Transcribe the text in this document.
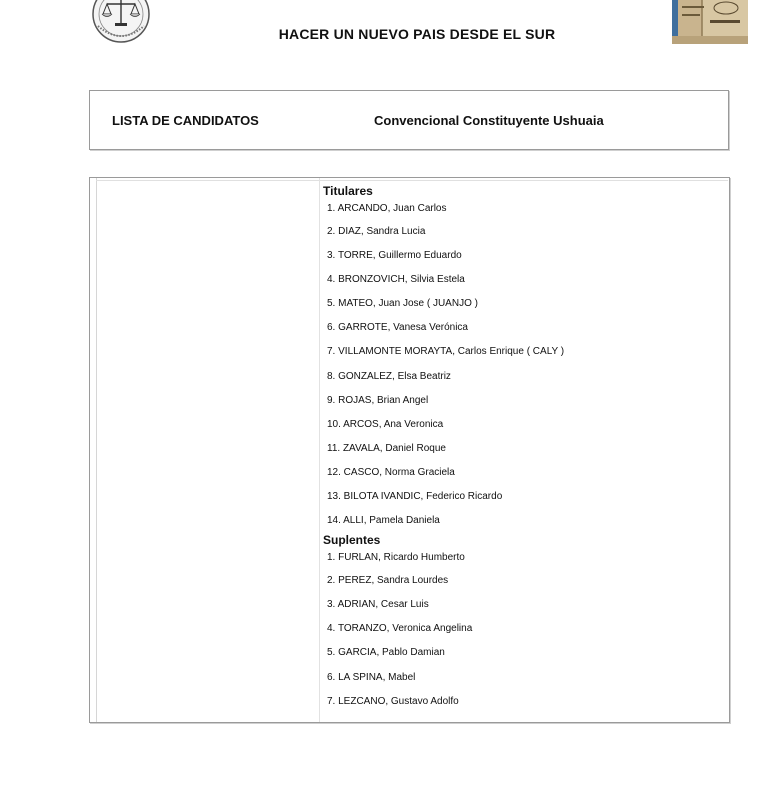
HACER UN NUEVO PAIS DESDE EL SUR
LISTA DE CANDIDATOS	Convencional Constituyente Ushuaia
Titulares
1. ARCANDO, Juan Carlos
2. DIAZ, Sandra Lucia
3. TORRE, Guillermo Eduardo
4. BRONZOVICH, Silvia Estela
5. MATEO, Juan Jose ( JUANJO )
6. GARROTE, Vanesa Verónica
7. VILLAMONTE MORAYTA, Carlos Enrique ( CALY )
8. GONZALEZ, Elsa Beatriz
9. ROJAS, Brian Angel
10. ARCOS, Ana Veronica
11. ZAVALA, Daniel Roque
12. CASCO, Norma Graciela
13. BILOTA IVANDIC, Federico Ricardo
14. ALLI, Pamela Daniela
Suplentes
1. FURLAN, Ricardo Humberto
2. PEREZ, Sandra Lourdes
3. ADRIAN, Cesar Luis
4. TORANZO, Veronica Angelina
5. GARCIA, Pablo Damian
6. LA SPINA, Mabel
7. LEZCANO, Gustavo Adolfo
